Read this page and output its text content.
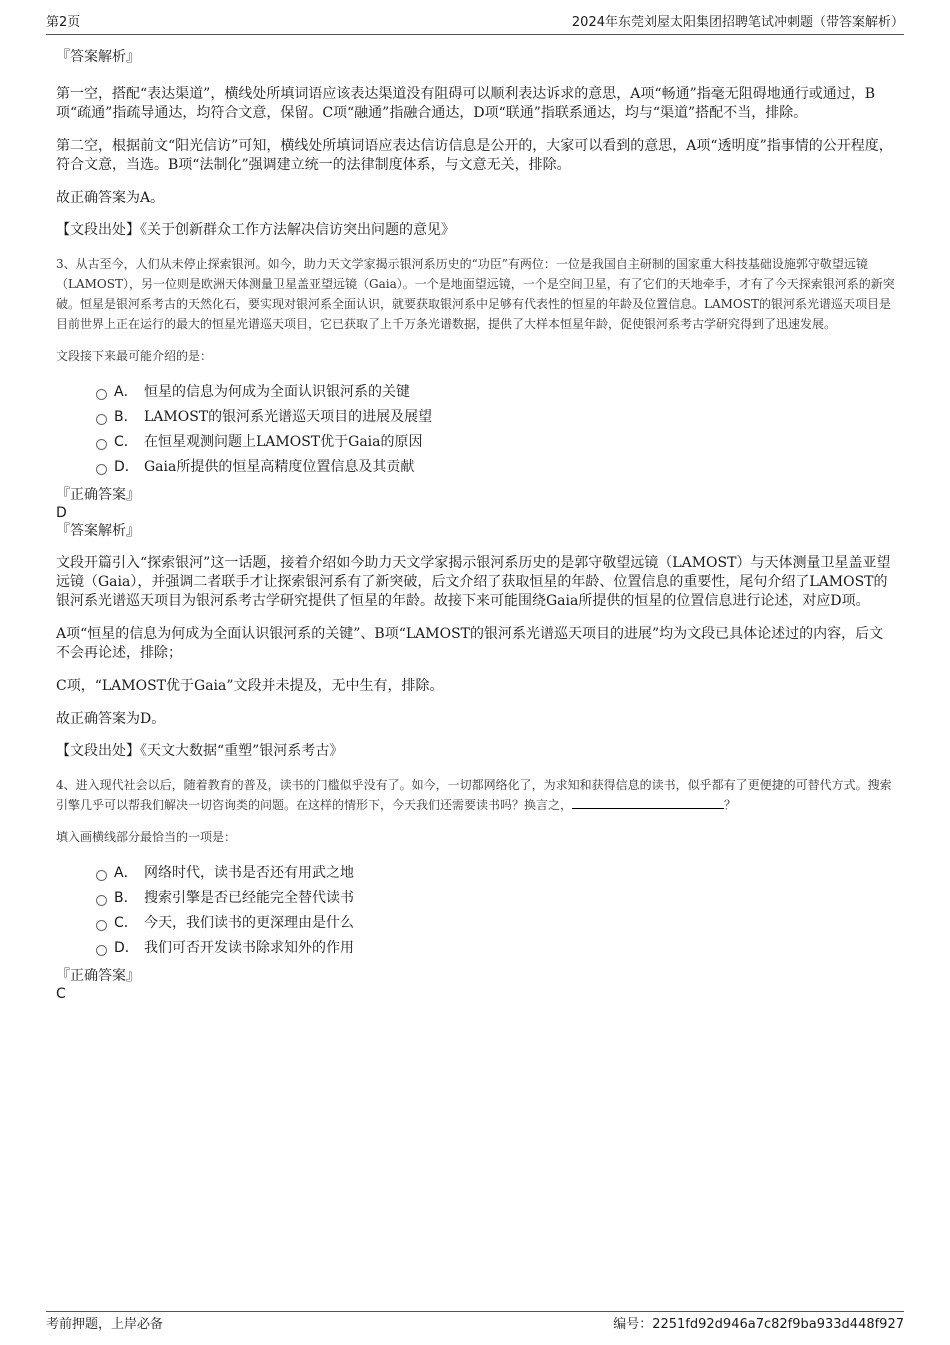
第2页	2024年东莞刘屋太阳集团招聘笔试冲刺题（带答案解析）
『答案解析』

第一空，搭配“表达渠道”，横线处所填词语应该表达渠道没有阻碍可以顺利表达诉求的意思，A项“畅通”指毫无阻碍地通行或通过，B项“疏通”指疏导通达，均符合文意，保留。C项“融通”指融合通达，D项“联通”指联系通达，均与“渠道”搭配不当，排除。

第二空，根据前文“阳光信访”可知，横线处所填词语应表达信访信息是公开的，大家可以看到的意思，A项“透明度”指事情的公开程度，符合文意，当选。B项“法制化”强调建立统一的法律制度体系，与文意无关，排除。

故正确答案为A。

【文段出处】《关于创新群众工作方法解决信访突出问题的意见》

3、从古至今，人们从未停止探索银河。如今，助力天文学家揭示银河系历史的“功臣”有两位：一位是我国自主研制的国家重大科技基础设施郭守敬望远镜（LAMOST），另一位则是欧洲天体测量卫星盖亚望远镜（Gaia）。一个是地面望远镜，一个是空间卫星，有了它们的天地牵手，才有了今天探索银河系的新突破。恒星是银河系考古的天然化石，要实现对银河系全面认识，就要获取银河系中足够有代表性的恒星的年龄及位置信息。LAMOST的银河系光谱巡天项目是目前世界上正在运行的最大的恒星光谱巡天项目，它已获取了上千万条光谱数据，提供了大样本恒星年龄，促使银河系考古学研究得到了迅速发展。

文段接下来最可能介绍的是：

A． 恒星的信息为何成为全面认识银河系的关键
B． LAMOST的银河系光谱巡天项目的进展及展望
C． 在恒星观测问题上LAMOST优于Gaia的原因
D． Gaia所提供的恒星高精度位置信息及其贡献
『正确答案』
D
『答案解析』

文段开篇引入“探索银河”这一话题，接着介绍如今助力天文学家揭示银河系历史的是郭守敬望远镜（LAMOST）与天体测量卫星盖亚望远镜（Gaia），并强调二者联手才让探索银河系有了新突破，后文介绍了获取恒星的年龄、位置信息的重要性，尾句介绍了LAMOST的银河系光谱巡天项目为银河系考古学研究提供了恒星的年龄。故接下来可能围绕Gaia所提供的恒星的位置信息进行论述，对应D项。

A项“恒星的信息为何成为全面认识银河系的关键”、B项“LAMOST的银河系光谱巡天项目的进展”均为文段已具体论述过的内容，后文不会再论述，排除；

C项，“LAMOST优于Gaia”文段并未提及，无中生有，排除。

故正确答案为D。

【文段出处】《天文大数据“重塑”银河系考古》

4、进入现代社会以后，随着教育的普及，读书的门槛似乎没有了。如今，一切都网络化了，为求知和获得信息的读书，似乎都有了更便捷的可替代方式。搜索引擎几乎可以帮我们解决一切咨询类的问题。在这样的情形下，今天我们还需要读书吗？换言之，	？

填入画横线部分最恰当的一项是：

A． 网络时代，读书是否还有用武之地
B． 搜索引擎是否已经能完全替代读书
C． 今天，我们读书的更深理由是什么
D． 我们可否开发读书除求知外的作用
『正确答案』
C
考前押题，上岸必备	编号：2251fd92d946a7c82f9ba933d448f927
